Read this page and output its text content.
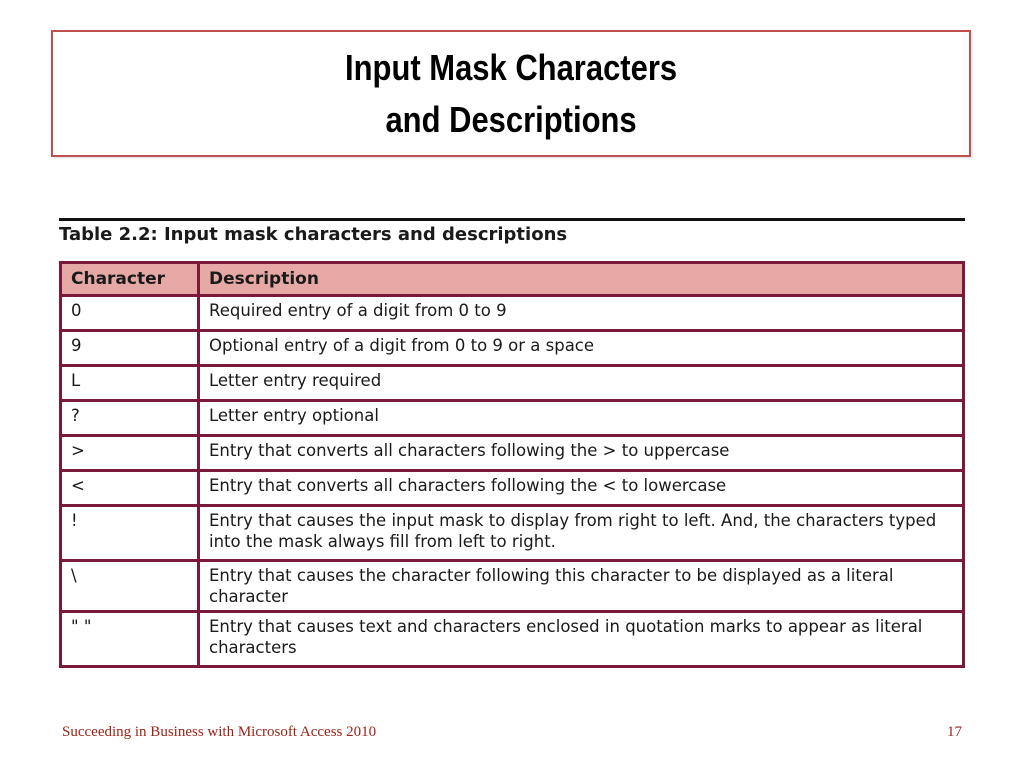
Input Mask Characters
and Descriptions
Table 2.2: Input mask characters and descriptions
Character	Description
0	Required entry of a digit from 0 to 9
9	Optional entry of a digit from 0 to 9 or a space
L	Letter entry required
?	Letter entry optional
>	Entry that converts all characters following the > to uppercase
<	Entry that converts all characters following the < to lowercase
!	Entry that causes the input mask to display from right to left. And, the characters typed into the mask always fill from left to right.
\	Entry that causes the character following this character to be displayed as a literal character
" "	Entry that causes text and characters enclosed in quotation marks to appear as literal characters
Succeeding in Business with Microsoft Access 2010	17
